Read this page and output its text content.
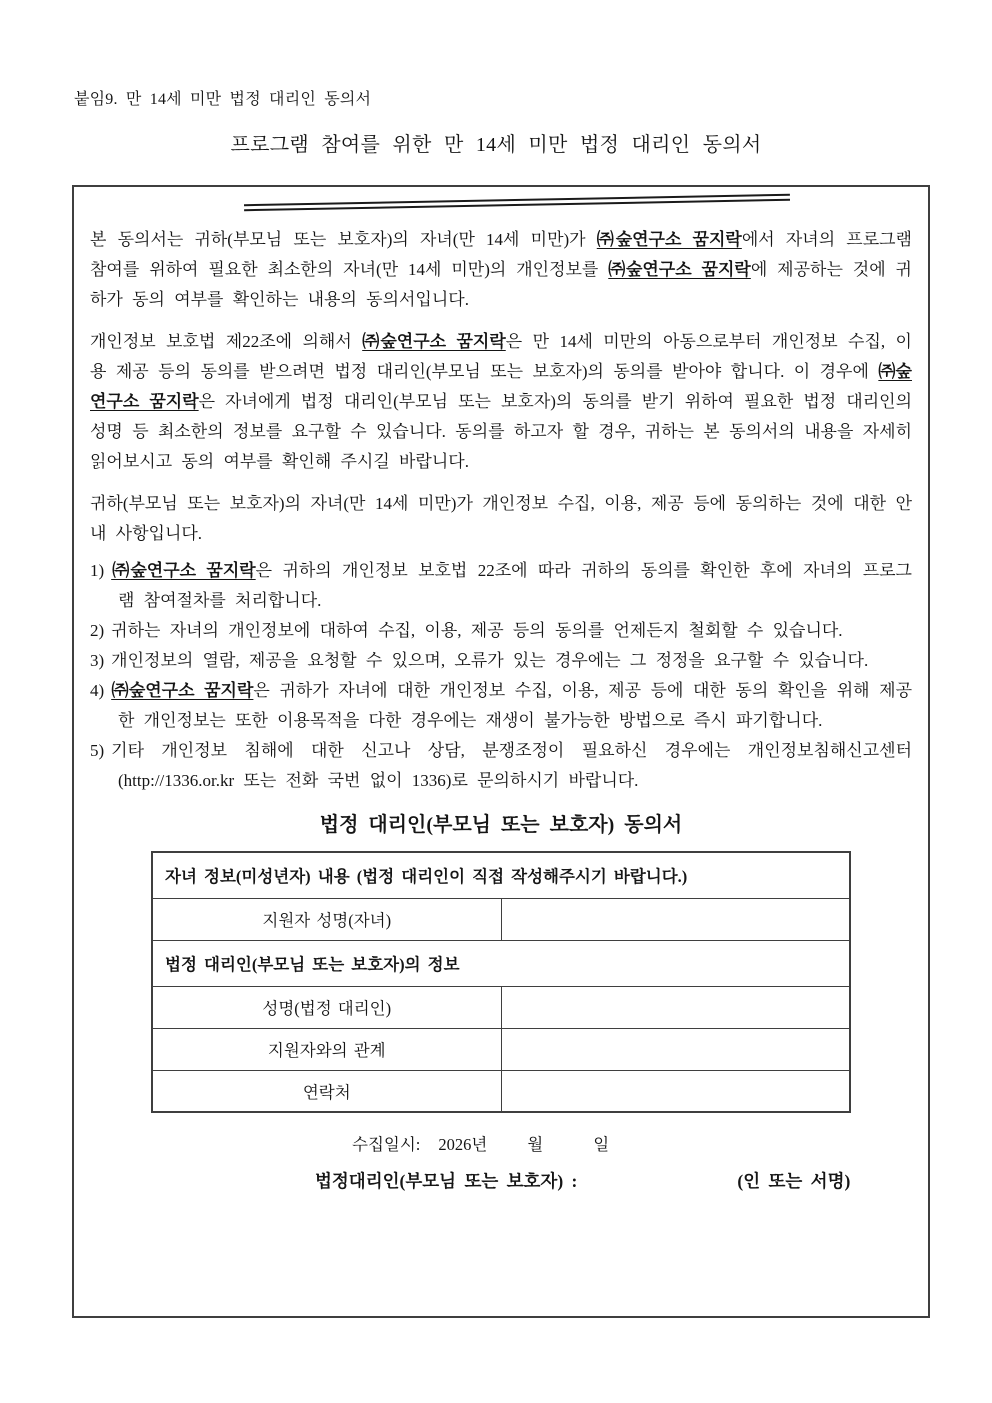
붙임9. 만 14세 미만 법정 대리인 동의서
프로그램 참여를 위한 만 14세 미만 법정 대리인 동의서

본 동의서는 귀하(부모님 또는 보호자)의 자녀(만 14세 미만)가 ㈜숲연구소 꿈지락에서 자녀의 프로그램 참여를 위하여 필요한 최소한의 자녀(만 14세 미만)의 개인정보를 ㈜숲연구소 꿈지락에 제공하는 것에 귀하가 동의 여부를 확인하는 내용의 동의서입니다.

개인정보 보호법 제22조에 의해서 ㈜숲연구소 꿈지락은 만 14세 미만의 아동으로부터 개인정보 수집, 이용 제공 등의 동의를 받으려면 법정 대리인(부모님 또는 보호자)의 동의를 받아야 합니다. 이 경우에 ㈜숲연구소 꿈지락은 자녀에게 법정 대리인(부모님 또는 보호자)의 동의를 받기 위하여 필요한 법정 대리인의 성명 등 최소한의 정보를 요구할 수 있습니다. 동의를 하고자 할 경우, 귀하는 본 동의서의 내용을 자세히 읽어보시고 동의 여부를 확인해 주시길 바랍니다.

귀하(부모님 또는 보호자)의 자녀(만 14세 미만)가 개인정보 수집, 이용, 제공 등에 동의하는 것에 대한 안내 사항입니다.

1) ㈜숲연구소 꿈지락은 귀하의 개인정보 보호법 22조에 따라 귀하의 동의를 확인한 후에 자녀의 프로그램 참여절차를 처리합니다.
2) 귀하는 자녀의 개인정보에 대하여 수집, 이용, 제공 등의 동의를 언제든지 철회할 수 있습니다.
3) 개인정보의 열람, 제공을 요청할 수 있으며, 오류가 있는 경우에는 그 정정을 요구할 수 있습니다.
4) ㈜숲연구소 꿈지락은 귀하가 자녀에 대한 개인정보 수집, 이용, 제공 등에 대한 동의 확인을 위해 제공한 개인정보는 또한 이용목적을 다한 경우에는 재생이 불가능한 방법으로 즉시 파기합니다.
5) 기타 개인정보 침해에 대한 신고나 상담, 분쟁조정이 필요하신 경우에는 개인정보침해신고센터 (http://1336.or.kr 또는 전화 국번 없이 1336)로 문의하시기 바랍니다.
법정 대리인(부모님 또는 보호자) 동의서
자녀 정보(미성년자) 내용 (법정 대리인이 직접 작성해주시기 바랍니다.)	
지원자 성명(자녀)	
법정 대리인(부모님 또는 보호자)의 정보	
성명(법정 대리인)	
지원자와의 관계	
연락처	
수집일시: 2026년 월	일
법정대리인(부모님 또는 보호자) :	(인 또는 서명)
